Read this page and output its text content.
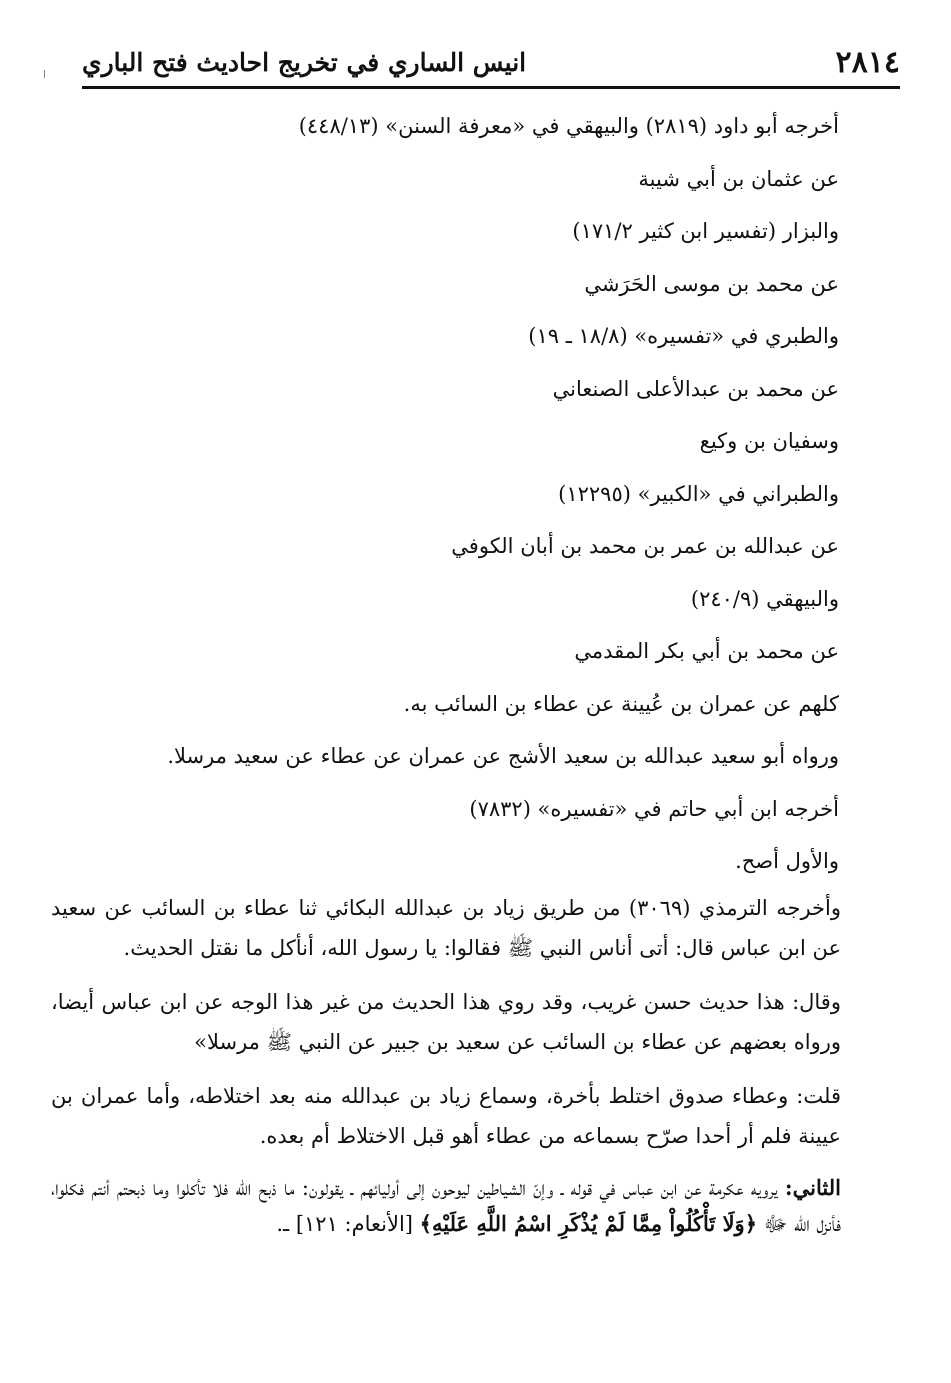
٢٨١٤
انيس الساري في تخريج احاديث فتح الباري
أخرجه أبو داود (٢٨١٩) والبيهقي في «معرفة السنن» (٤٤٨/١٣)
عن عثمان بن أبي شيبة
والبزار (تفسير ابن كثير ١٧١/٢)
عن محمد بن موسى الحَرَشي
والطبري في «تفسيره» (١٨/٨ ـ ١٩)
عن محمد بن عبدالأعلى الصنعاني
وسفيان بن وكيع
والطبراني في «الكبير» (١٢٢٩٥)
عن عبدالله بن عمر بن محمد بن أبان الكوفي
والبيهقي (٢٤٠/٩)
عن محمد بن أبي بكر المقدمي
كلهم عن عمران بن عُيينة عن عطاء بن السائب به.
ورواه أبو سعيد عبدالله بن سعيد الأشج عن عمران عن عطاء عن سعيد مرسلا.
أخرجه ابن أبي حاتم في «تفسيره» (٧٨٣٢)
والأول أصح.

وأخرجه الترمذي (٣٠٦٩) من طريق زياد بن عبدالله البكائي ثنا عطاء بن السائب عن سعيد عن ابن عباس قال: أتى أناس النبي ﷺ فقالوا: يا رسول الله، أنأكل ما نقتل الحديث.

وقال: هذا حديث حسن غريب، وقد روي هذا الحديث من غير هذا الوجه عن ابن عباس أيضا، ورواه بعضهم عن عطاء بن السائب عن سعيد بن جبير عن النبي ﷺ مرسلا»

قلت: وعطاء صدوق اختلط بأخرة، وسماع زياد بن عبدالله منه بعد اختلاطه، وأما عمران بن عيينة فلم أر أحدا صرّح بسماعه من عطاء أهو قبل الاختلاط أم بعده.

الثاني: يرويه عكرمة عن ابن عباس في قوله ـ وإنّ الشياطين ليوحون إلى أوليائهم ـ يقولون: ما ذبح الله فلا تأكلوا وما ذبحتم أنتم فكلوا، فأنزل الله ﷻ ﴿وَلَا تَأْكُلُواْ مِمَّا لَمْ يُذْكَرِ اسْمُ اللَّهِ عَلَيْهِ﴾ [الأنعام: ١٢١] ـ.
